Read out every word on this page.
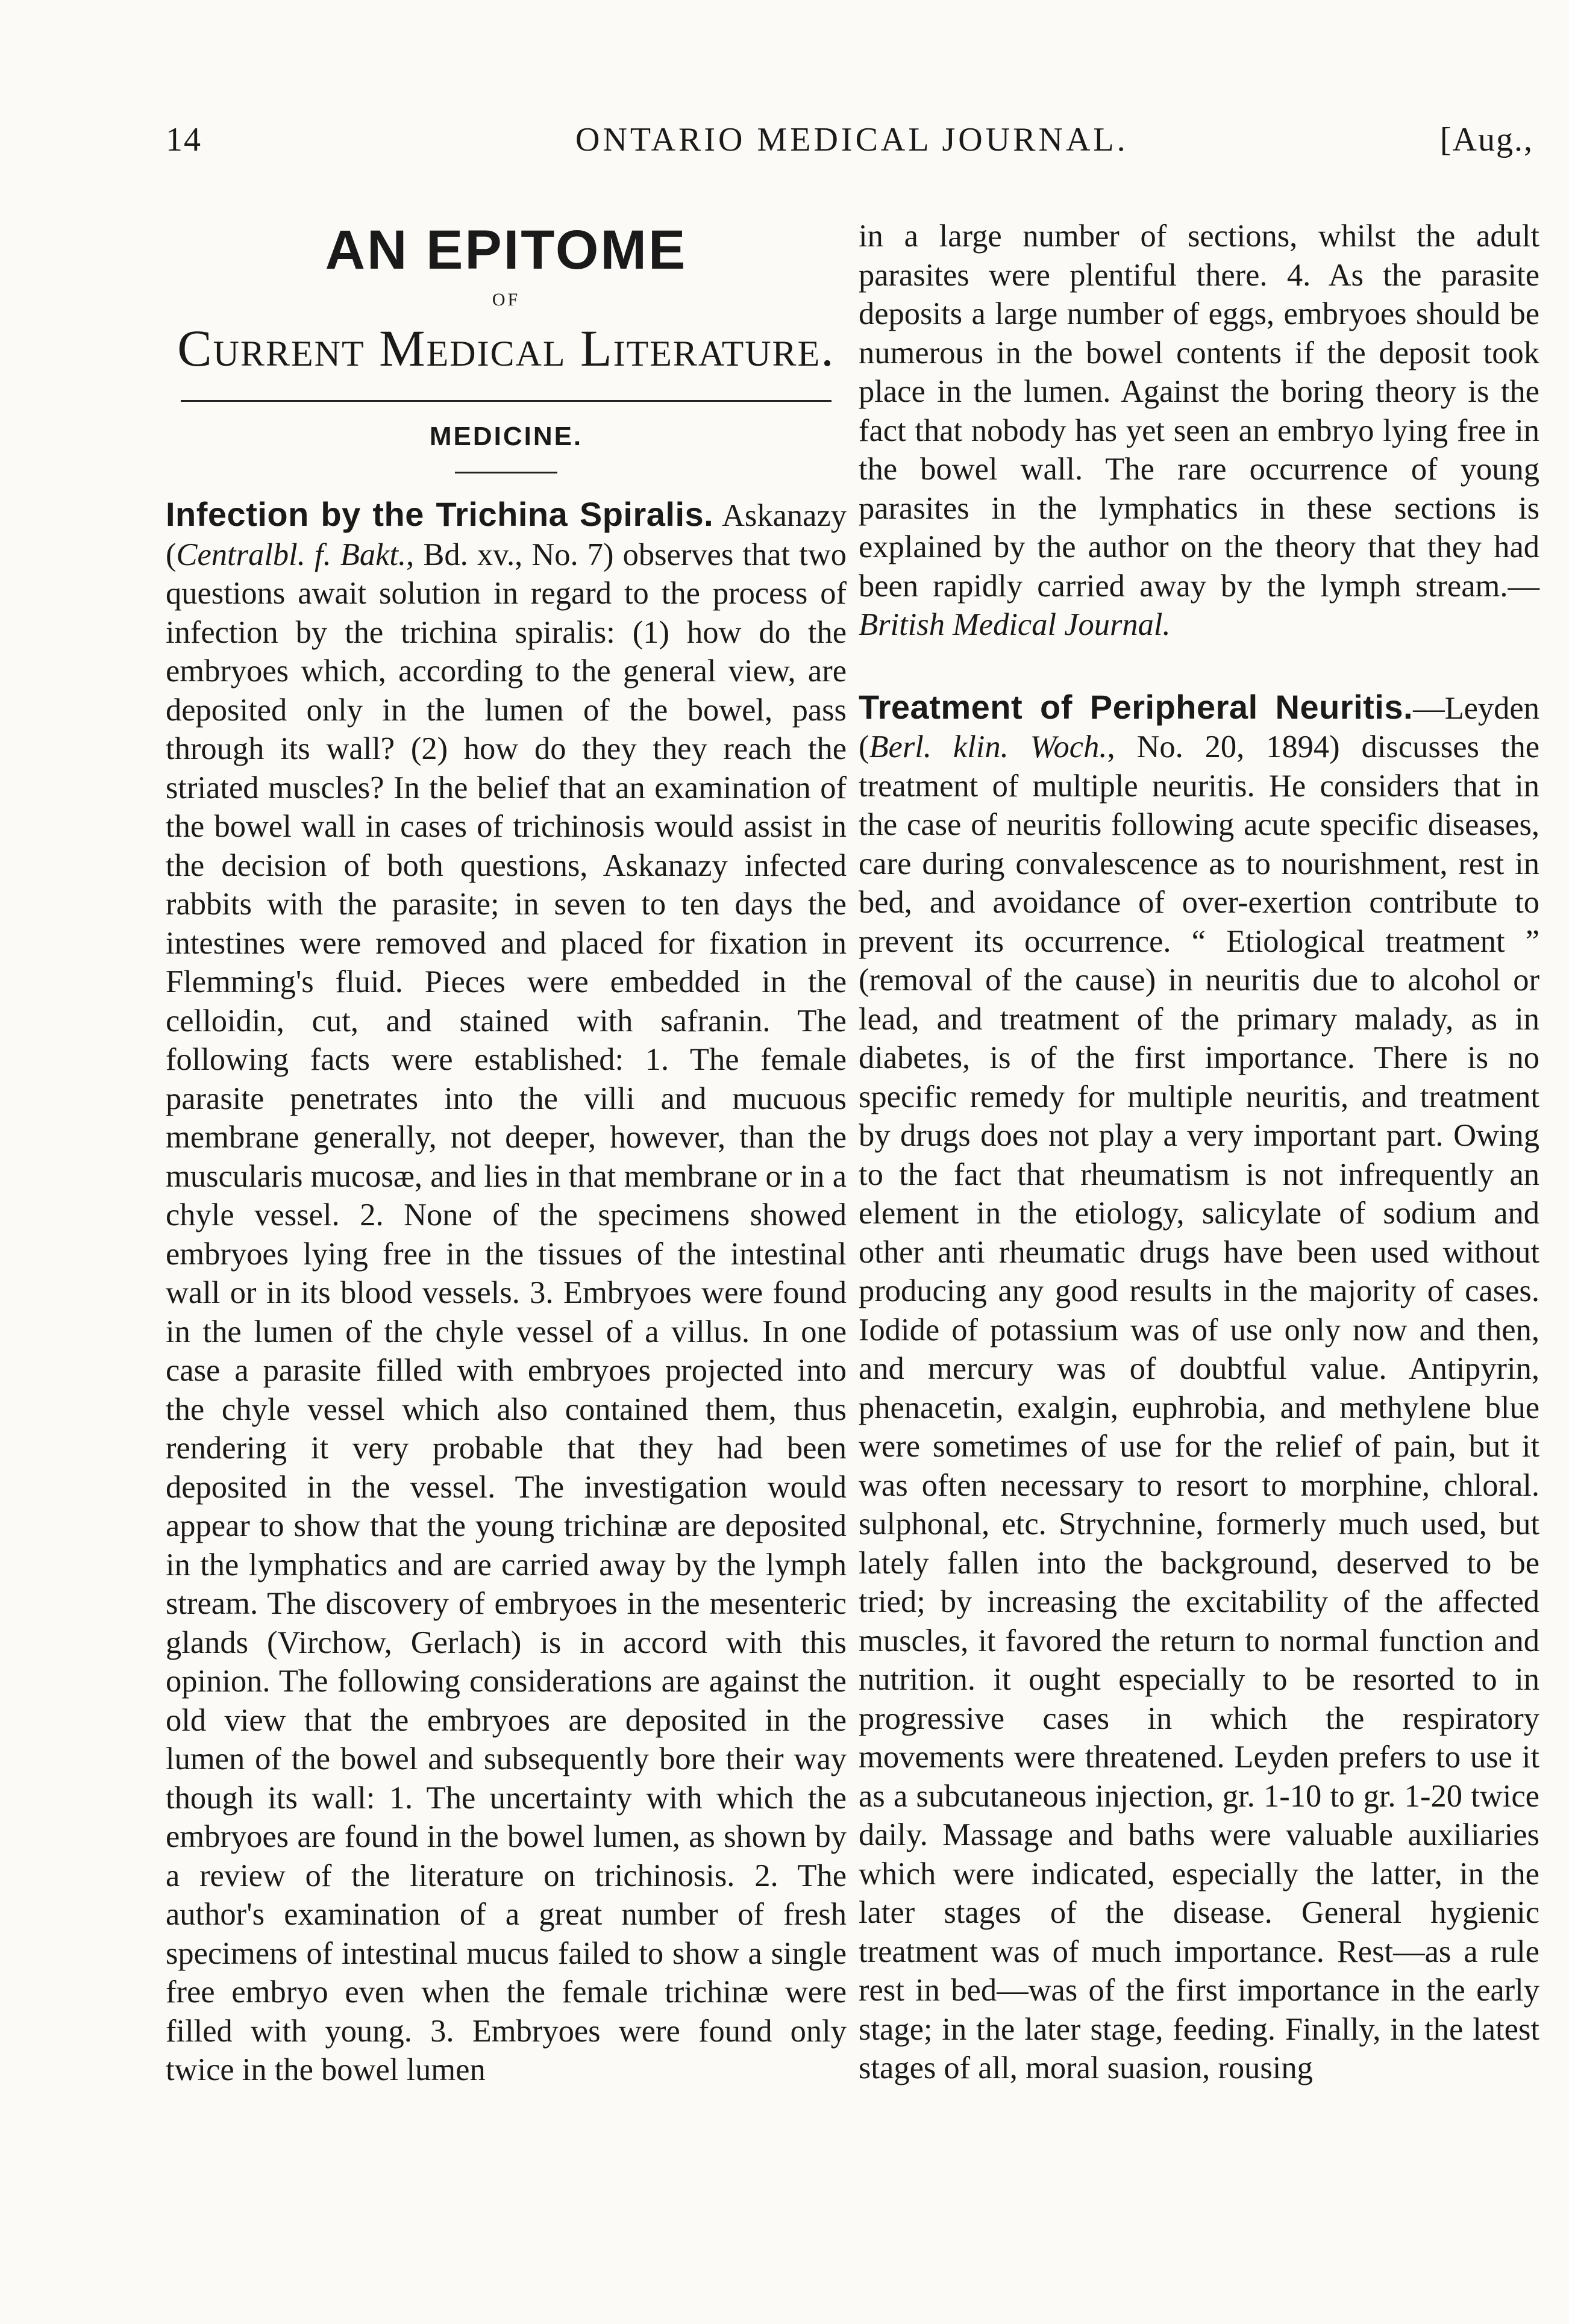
14	ONTARIO MEDICAL JOURNAL.	[Aug.,
AN EPITOME

OF

Current Medical Literature.

MEDICINE.

Infection by the Trichina Spiralis. Askanazy (Centralbl. f. Bakt., Bd. xv., No. 7) observes that two questions await solution in regard to the process of infection by the trichina spiralis: (1) how do the embryoes which, according to the general view, are deposited only in the lumen of the bowel, pass through its wall? (2) how do they they reach the striated muscles? In the belief that an examination of the bowel wall in cases of trichinosis would assist in the decision of both questions, Askanazy infected rabbits with the parasite; in seven to ten days the intestines were removed and placed for fixation in Flemming's fluid. Pieces were embedded in the celloidin, cut, and stained with safranin. The following facts were established: 1. The female parasite penetrates into the villi and mucuous membrane generally, not deeper, however, than the muscularis mucosæ, and lies in that membrane or in a chyle vessel. 2. None of the specimens showed embryoes lying free in the tissues of the intestinal wall or in its blood vessels. 3. Embryoes were found in the lumen of the chyle vessel of a villus. In one case a parasite filled with embryoes projected into the chyle vessel which also contained them, thus rendering it very probable that they had been deposited in the vessel. The investigation would appear to show that the young trichinæ are deposited in the lymphatics and are carried away by the lymph stream. The discovery of embryoes in the mesenteric glands (Virchow, Gerlach) is in accord with this opinion. The following considerations are against the old view that the embryoes are deposited in the lumen of the bowel and subsequently bore their way though its wall: 1. The uncertainty with which the embryoes are found in the bowel lumen, as shown by a review of the literature on trichinosis. 2. The author's examination of a great number of fresh specimens of intestinal mucus failed to show a single free embryo even when the female trichinæ were filled with young. 3. Embryoes were found only twice in the bowel lumen

in a large number of sections, whilst the adult parasites were plentiful there. 4. As the parasite deposits a large number of eggs, embryoes should be numerous in the bowel contents if the deposit took place in the lumen. Against the boring theory is the fact that nobody has yet seen an embryo lying free in the bowel wall. The rare occurrence of young parasites in the lymphatics in these sections is explained by the author on the theory that they had been rapidly carried away by the lymph stream.—British Medical Journal.

Treatment of Peripheral Neuritis.—Leyden (Berl. klin. Woch., No. 20, 1894) discusses the treatment of multiple neuritis. He considers that in the case of neuritis following acute specific diseases, care during convalescence as to nourishment, rest in bed, and avoidance of over-exertion contribute to prevent its occurrence. “ Etiological treatment ” (removal of the cause) in neuritis due to alcohol or lead, and treatment of the primary malady, as in diabetes, is of the first importance. There is no specific remedy for multiple neuritis, and treatment by drugs does not play a very important part. Owing to the fact that rheumatism is not infrequently an element in the etiology, salicylate of sodium and other anti rheumatic drugs have been used without producing any good results in the majority of cases. Iodide of potassium was of use only now and then, and mercury was of doubtful value. Antipyrin, phenacetin, exalgin, euphrobia, and methylene blue were sometimes of use for the relief of pain, but it was often necessary to resort to morphine, chloral. sulphonal, etc. Strychnine, formerly much used, but lately fallen into the background, deserved to be tried; by increasing the excitability of the affected muscles, it favored the return to normal function and nutrition. it ought especially to be resorted to in progressive cases in which the respiratory movements were threatened. Leyden prefers to use it as a subcutaneous injection, gr. 1-10 to gr. 1-20 twice daily. Massage and baths were valuable auxiliaries which were indicated, especially the latter, in the later stages of the disease. General hygienic treatment was of much importance. Rest—as a rule rest in bed—was of the first importance in the early stage; in the later stage, feeding. Finally, in the latest stages of all, moral suasion, rousing
